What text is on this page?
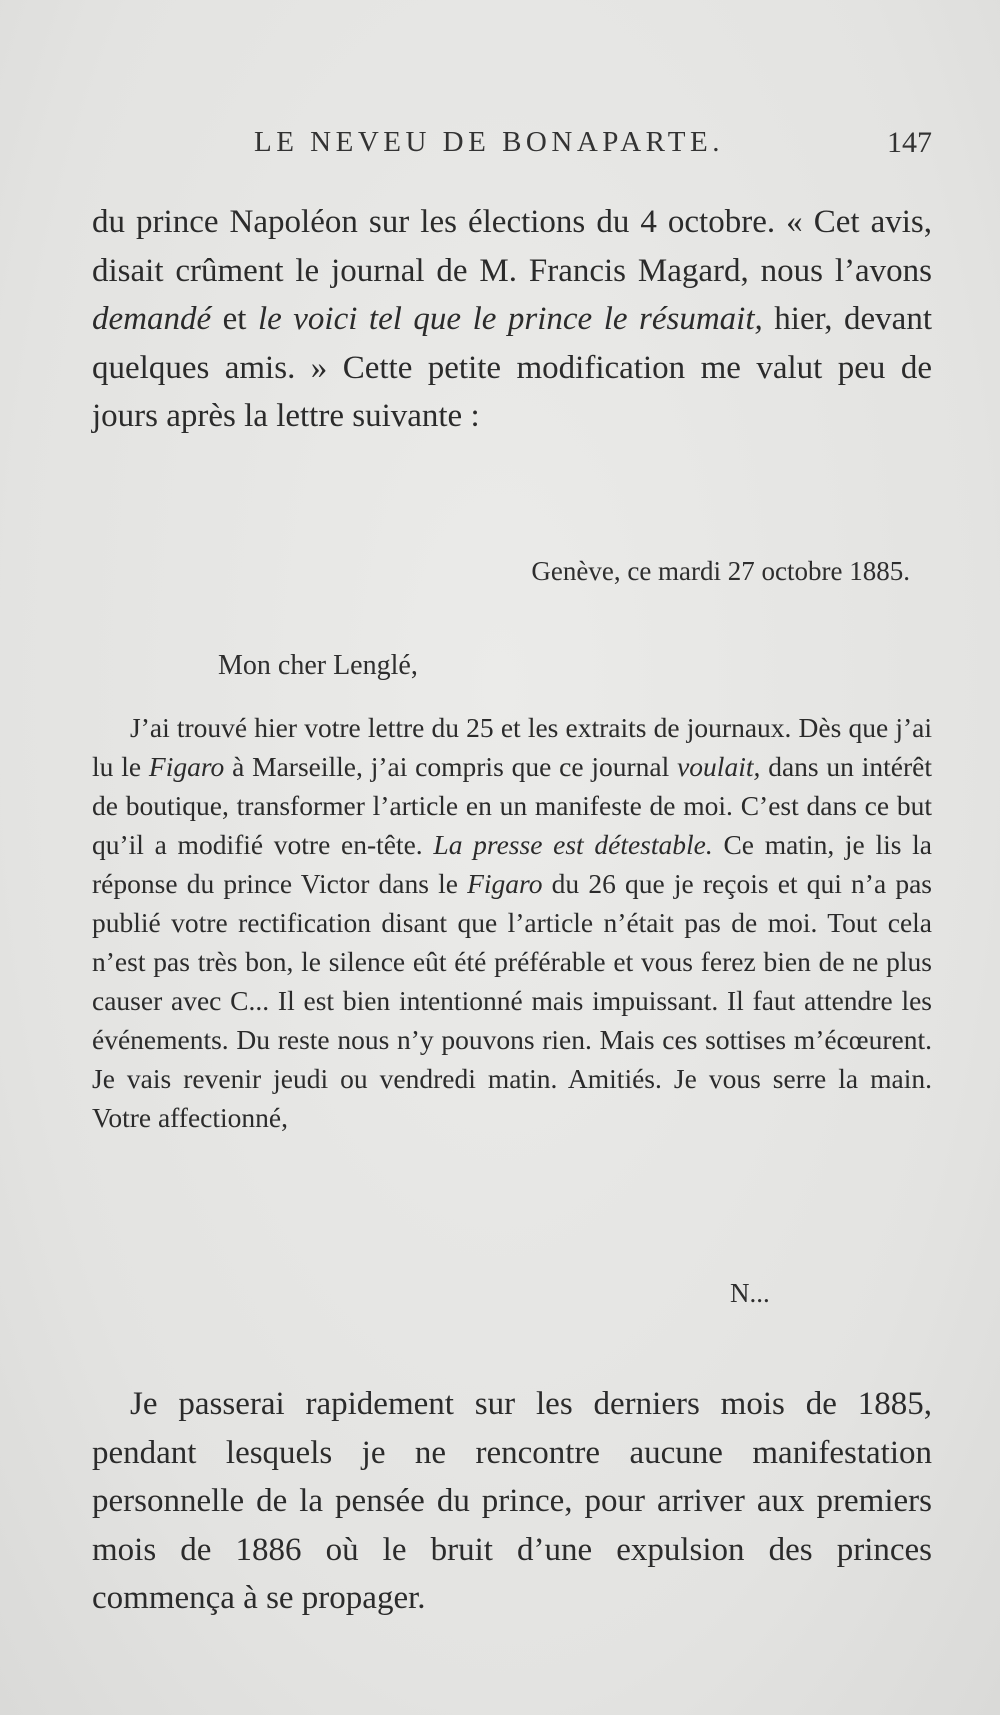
LE NEVEU DE BONAPARTE.	147

du prince Napoléon sur les élections du 4 octobre. « Cet avis, disait crûment le journal de M. Francis Magard, nous l’avons demandé et le voici tel que le prince le résumait, hier, devant quelques amis. » Cette petite modification me valut peu de jours après la lettre suivante :

Genève, ce mardi 27 octobre 1885.
Mon cher Lenglé,

J’ai trouvé hier votre lettre du 25 et les extraits de journaux. Dès que j’ai lu le Figaro à Marseille, j’ai compris que ce journal voulait, dans un intérêt de boutique, transformer l’article en un manifeste de moi. C’est dans ce but qu’il a modifié votre en-tête. La presse est détestable. Ce matin, je lis la réponse du prince Victor dans le Figaro du 26 que je reçois et qui n’a pas publié votre rectification disant que l’article n’était pas de moi. Tout cela n’est pas très bon, le silence eût été préférable et vous ferez bien de ne plus causer avec C... Il est bien intentionné mais impuissant. Il faut attendre les événements. Du reste nous n’y pouvons rien. Mais ces sottises m’écœurent. Je vais revenir jeudi ou vendredi matin. Amitiés. Je vous serre la main. Votre affectionné,

N...

Je passerai rapidement sur les derniers mois de 1885, pendant lesquels je ne rencontre aucune manifestation personnelle de la pensée du prince, pour arriver aux premiers mois de 1886 où le bruit d’une expulsion des princes commença à se propager.
